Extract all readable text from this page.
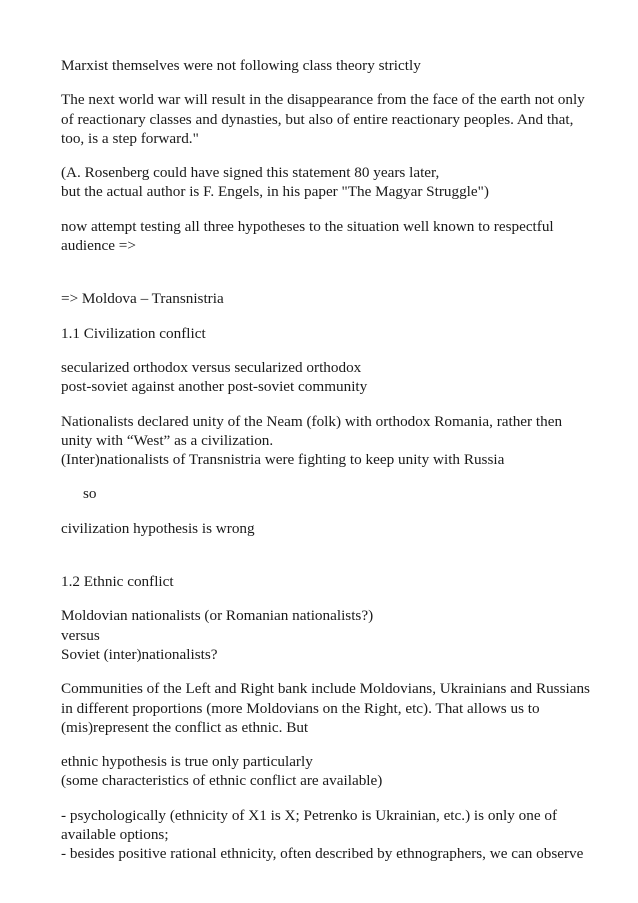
Marxist themselves were not following class theory strictly

The next world war will result in the disappearance from the face of the earth not only
of reactionary classes and dynasties, but also of entire reactionary peoples. And that,
too, is a step forward."

(A. Rosenberg could have signed this statement 80 years later,
but the actual author is F. Engels, in his paper "The Magyar Struggle")

now attempt testing all three hypotheses to the situation well known to respectful
audience =>

=> Moldova – Transnistria

1.1 Civilization conflict

secularized orthodox versus secularized orthodox
post-soviet against another post-soviet community

Nationalists declared unity of the Neam (folk) with orthodox Romania, rather then
unity with “West” as a civilization.
(Inter)nationalists of Transnistria were fighting to keep unity with Russia

so

civilization hypothesis is wrong

1.2 Ethnic conflict

Moldovian nationalists (or Romanian nationalists?)
versus
Soviet (inter)nationalists?

Communities of the Left and Right bank include Moldovians, Ukrainians and Russians
in different proportions (more Moldovians on the Right, etc). That allows us to
(mis)represent the conflict as ethnic. But

ethnic hypothesis is true only particularly
(some characteristics of ethnic conflict are available)

- psychologically (ethnicity of X1 is X; Petrenko is Ukrainian, etc.) is only one of
available options;
- besides positive rational ethnicity, often described by ethnographers, we can observe
